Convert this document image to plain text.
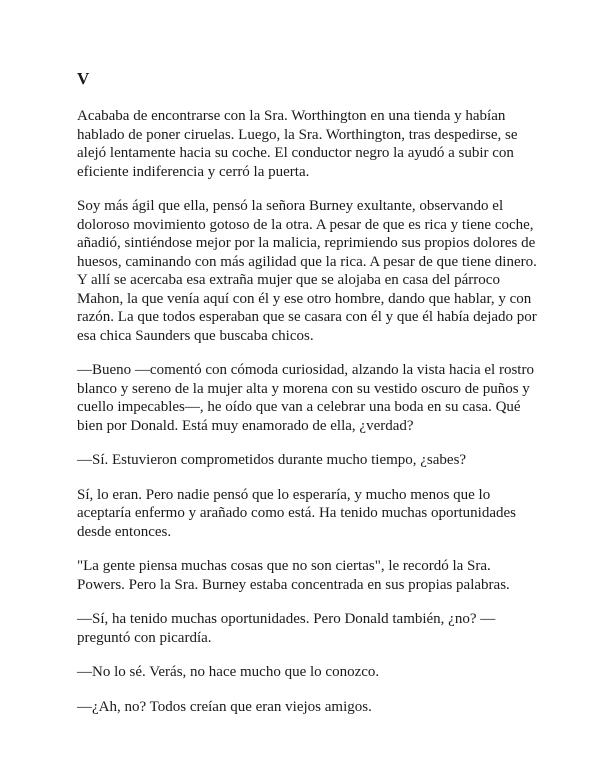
V

Acababa de encontrarse con la Sra. Worthington en una tienda y habían hablado de poner ciruelas. Luego, la Sra. Worthington, tras despedirse, se alejó lentamente hacia su coche. El conductor negro la ayudó a subir con eficiente indiferencia y cerró la puerta.

Soy más ágil que ella, pensó la señora Burney exultante, observando el doloroso movimiento gotoso de la otra. A pesar de que es rica y tiene coche, añadió, sintiéndose mejor por la malicia, reprimiendo sus propios dolores de huesos, caminando con más agilidad que la rica. A pesar de que tiene dinero. Y allí se acercaba esa extraña mujer que se alojaba en casa del párroco Mahon, la que venía aquí con él y ese otro hombre, dando que hablar, y con razón. La que todos esperaban que se casara con él y que él había dejado por esa chica Saunders que buscaba chicos.

—Bueno —comentó con cómoda curiosidad, alzando la vista hacia el rostro blanco y sereno de la mujer alta y morena con su vestido oscuro de puños y cuello impecables—, he oído que van a celebrar una boda en su casa. Qué bien por Donald. Está muy enamorado de ella, ¿verdad?

—Sí. Estuvieron comprometidos durante mucho tiempo, ¿sabes?

Sí, lo eran. Pero nadie pensó que lo esperaría, y mucho menos que lo aceptaría enfermo y arañado como está. Ha tenido muchas oportunidades desde entonces.

"La gente piensa muchas cosas que no son ciertas", le recordó la Sra. Powers. Pero la Sra. Burney estaba concentrada en sus propias palabras.

—Sí, ha tenido muchas oportunidades. Pero Donald también, ¿no? — preguntó con picardía.

—No lo sé. Verás, no hace mucho que lo conozco.

—¿Ah, no? Todos creían que eran viejos amigos.
